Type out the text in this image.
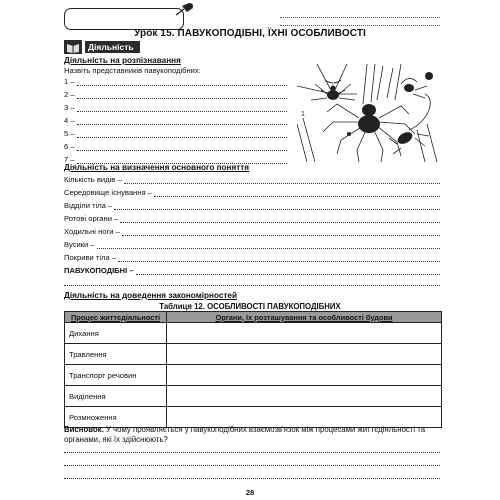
Урок 15. ПАВУКОПОДІБНІ, ЇХНІ ОСОБЛИВОСТІ
Діяльність
Діяльність на розпізнавання
Назвіть представників павукоподібних:
1 –
2 –
3 –
4 –
5 –
6 –
7 –
1
Діяльність на визначення основного поняття
Кількість видів –
Середовище існування –
Відділи тіла –
Ротові органи –
Ходильні ноги –
Вусики –
Покриви тіла –
ПАВУКОПОДІБНІ –
Діяльність на доведення закономірностей
Таблиця 12. ОСОБЛИВОСТІ ПАВУКОПОДІБНИХ
Процес життєдіяльності	Органи, їх розташування та особливості будови
Дихання	
Травлення	
Транспорт речовин	
Виділення	
Розмноження	
Висновок. У чому проявляється у павукоподібних взаємозв'язок між процесами життєдіяльності та органами, які їх здійснюють?
28
